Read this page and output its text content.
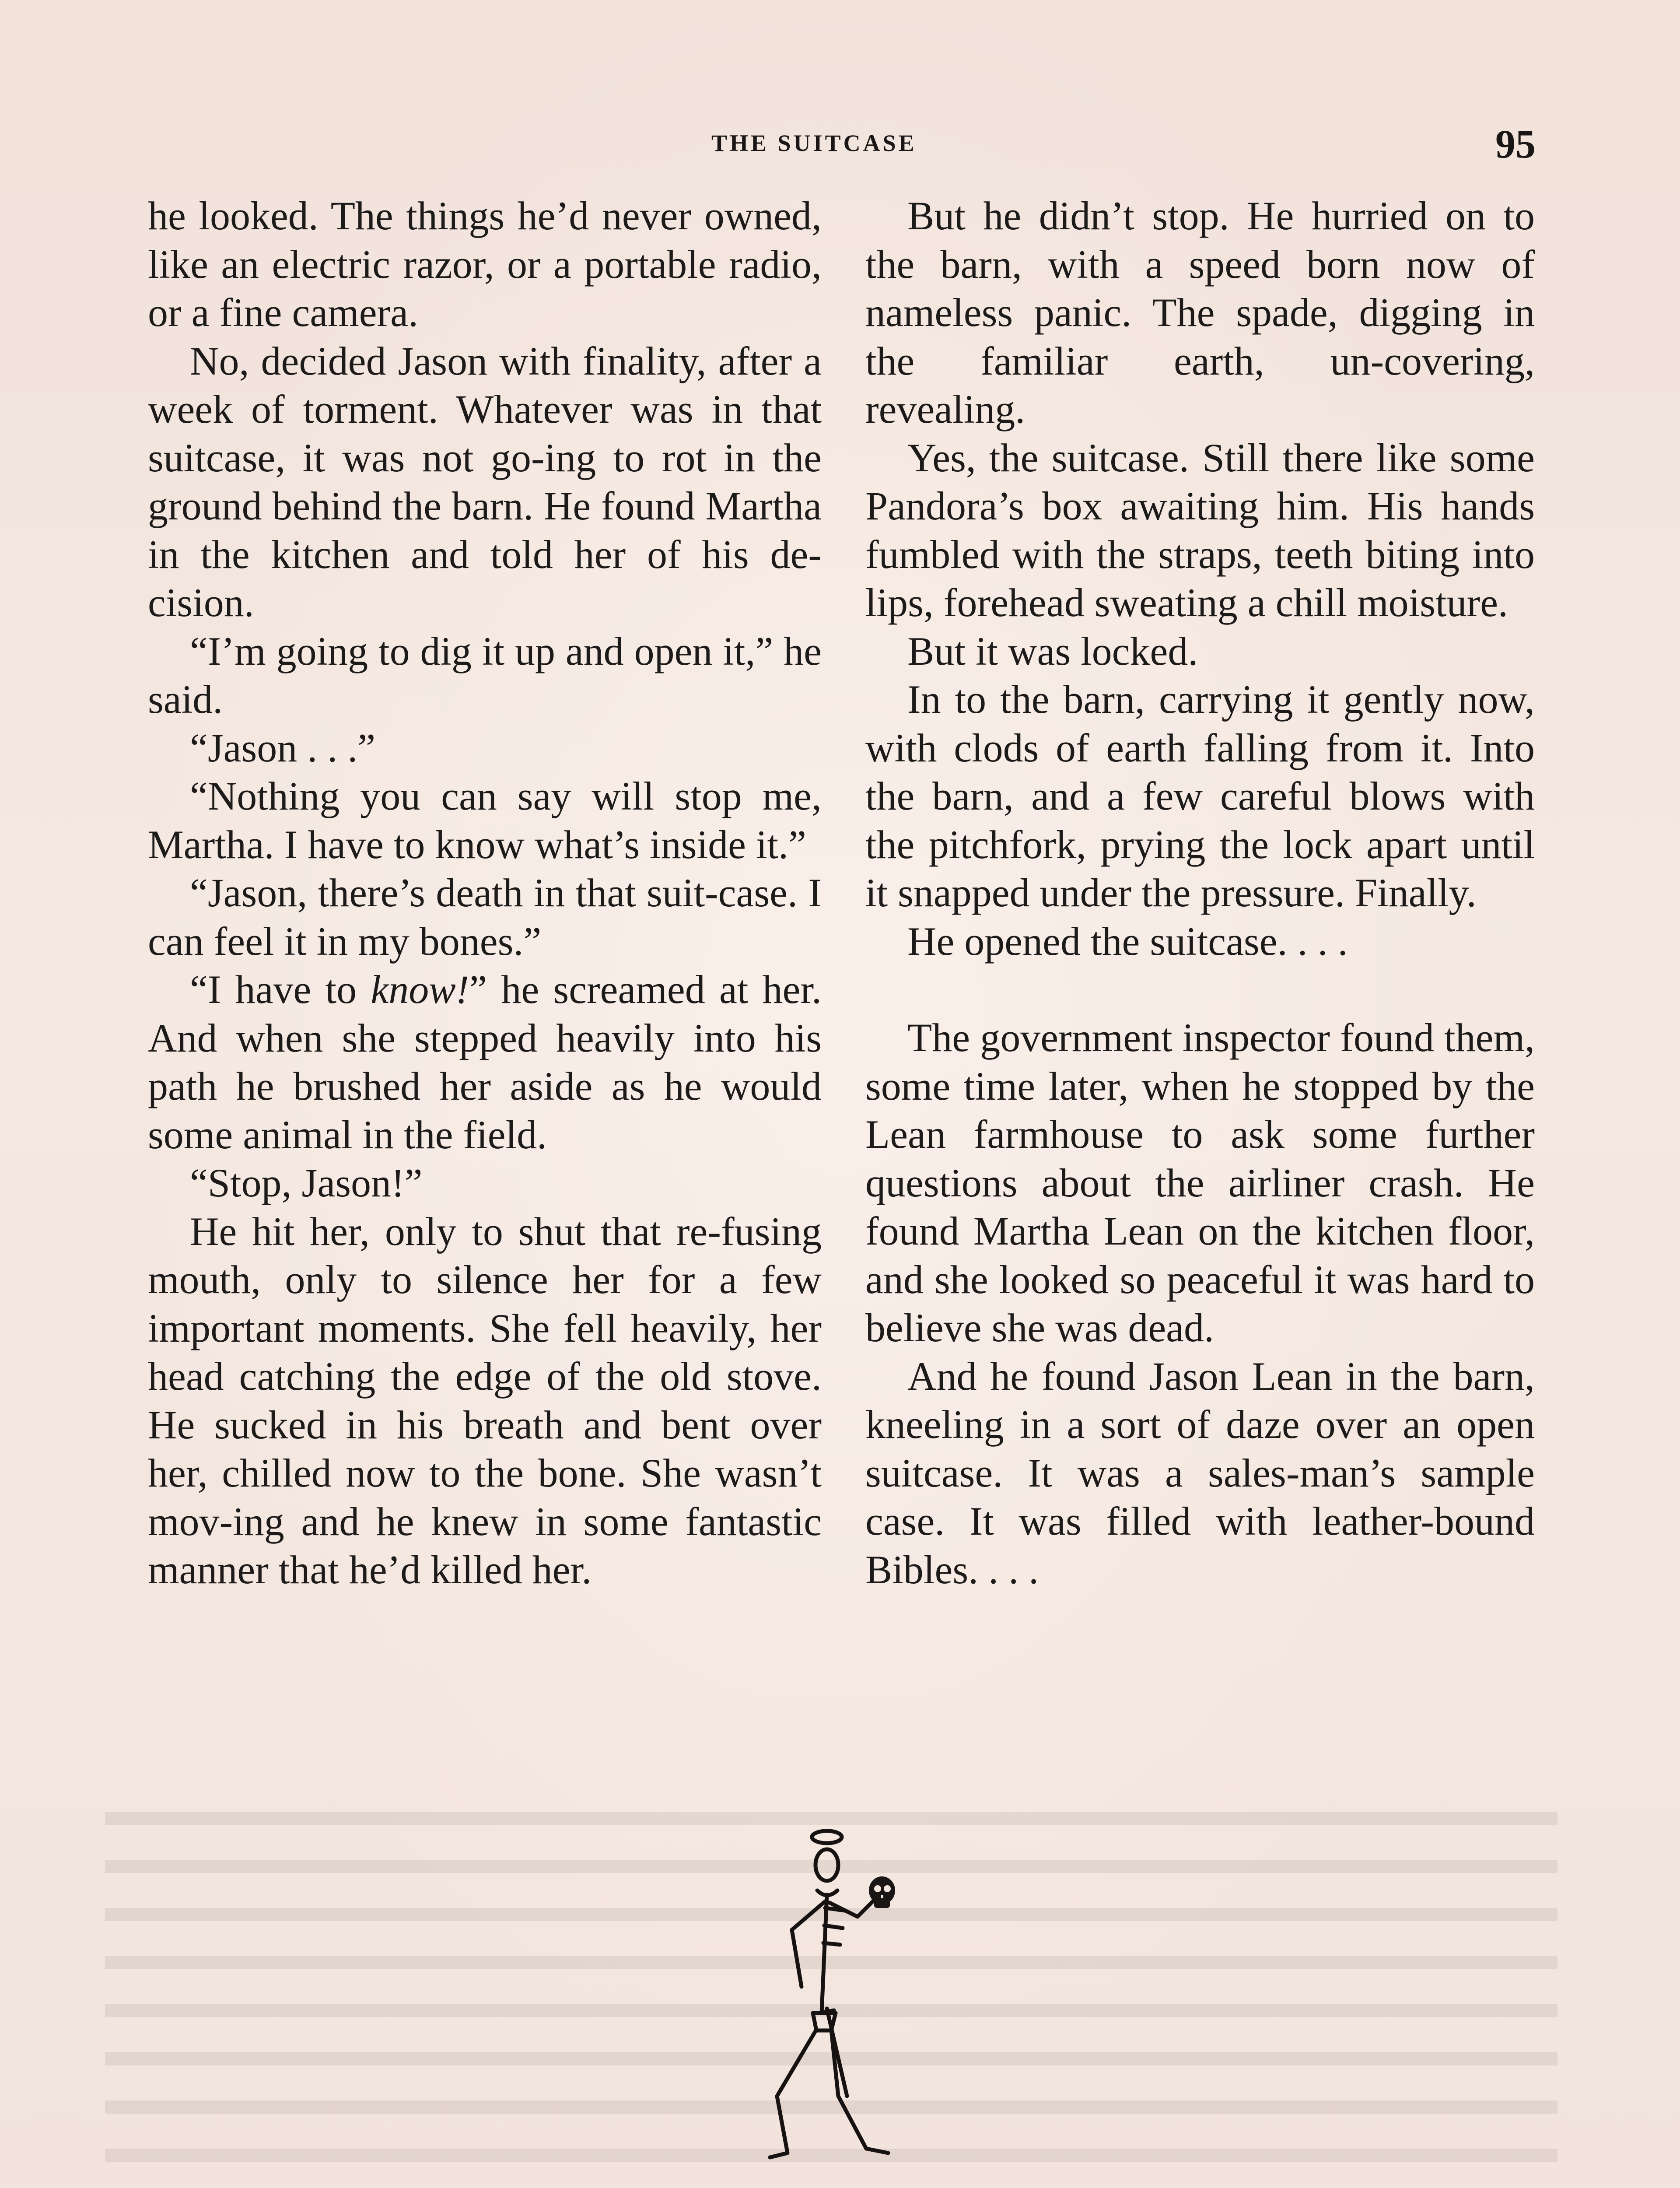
THE SUITCASE	95

he looked. The things he’d never owned, like an electric razor, or a portable radio, or a fine camera.

No, decided Jason with finality, after a week of torment. Whatever was in that suitcase, it was not go-ing to rot in the ground behind the barn. He found Martha in the kitchen and told her of his de-cision.

“I’m going to dig it up and open it,” he said.

“Jason . . .”

“Nothing you can say will stop me, Martha. I have to know what’s inside it.”

“Jason, there’s death in that suit-case. I can feel it in my bones.”

“I have to know!” he screamed at her. And when she stepped heavily into his path he brushed her aside as he would some animal in the field.

“Stop, Jason!”

He hit her, only to shut that re-fusing mouth, only to silence her for a few important moments. She fell heavily, her head catching the edge of the old stove. He sucked in his breath and bent over her, chilled now to the bone. She wasn’t mov-ing and he knew in some fantastic manner that he’d killed her.

But he didn’t stop. He hurried on to the barn, with a speed born now of nameless panic. The spade, digging in the familiar earth, un-covering, revealing.

Yes, the suitcase. Still there like some Pandora’s box awaiting him. His hands fumbled with the straps, teeth biting into lips, forehead sweating a chill moisture.

But it was locked.

In to the barn, carrying it gently now, with clods of earth falling from it. Into the barn, and a few careful blows with the pitchfork, prying the lock apart until it snapped under the pressure. Finally.

He opened the suitcase. . . .

The government inspector found them, some time later, when he stopped by the Lean farmhouse to ask some further questions about the airliner crash. He found Martha Lean on the kitchen floor, and she looked so peaceful it was hard to believe she was dead.

And he found Jason Lean in the barn, kneeling in a sort of daze over an open suitcase. It was a sales-man’s sample case. It was filled with leather-bound Bibles. . . .
